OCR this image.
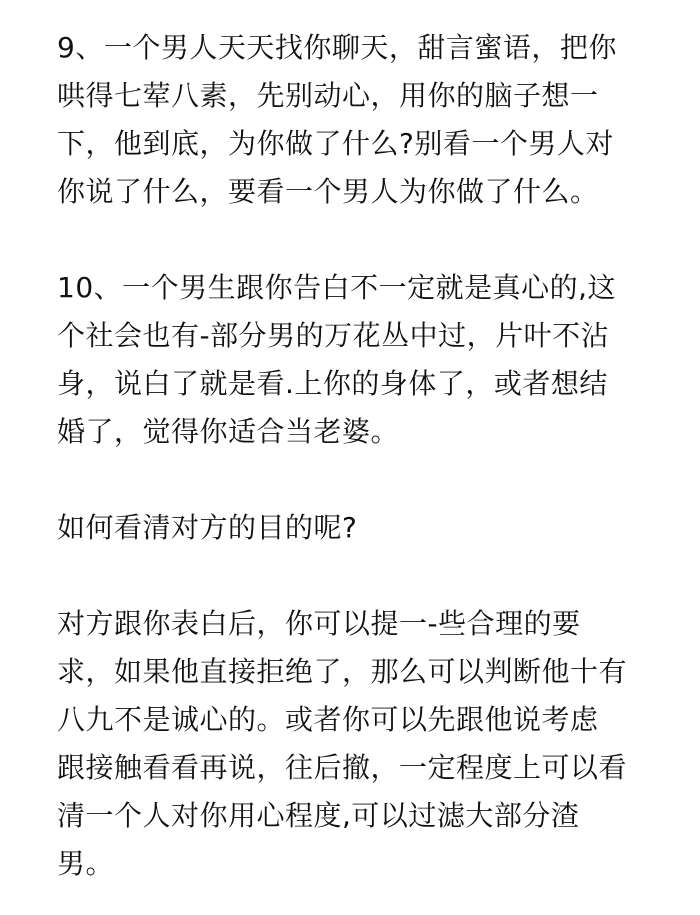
9、一个男人天天找你聊天，甜言蜜语，把你
哄得七荤八素，先别动心，用你的脑子想一
下，他到底，为你做了什么?别看一个男人对
你说了什么，要看一个男人为你做了什么。

10、一个男生跟你告白不一定就是真心的,这
个社会也有-部分男的万花丛中过，片叶不沾
身，说白了就是看.上你的身体了，或者想结
婚了，觉得你适合当老婆。

如何看清对方的目的呢?

对方跟你表白后，你可以提一-些合理的要
求，如果他直接拒绝了，那么可以判断他十有
八九不是诚心的。或者你可以先跟他说考虑
跟接触看看再说，往后撤，一定程度上可以看
清一个人对你用心程度,可以过滤大部分渣
男。
